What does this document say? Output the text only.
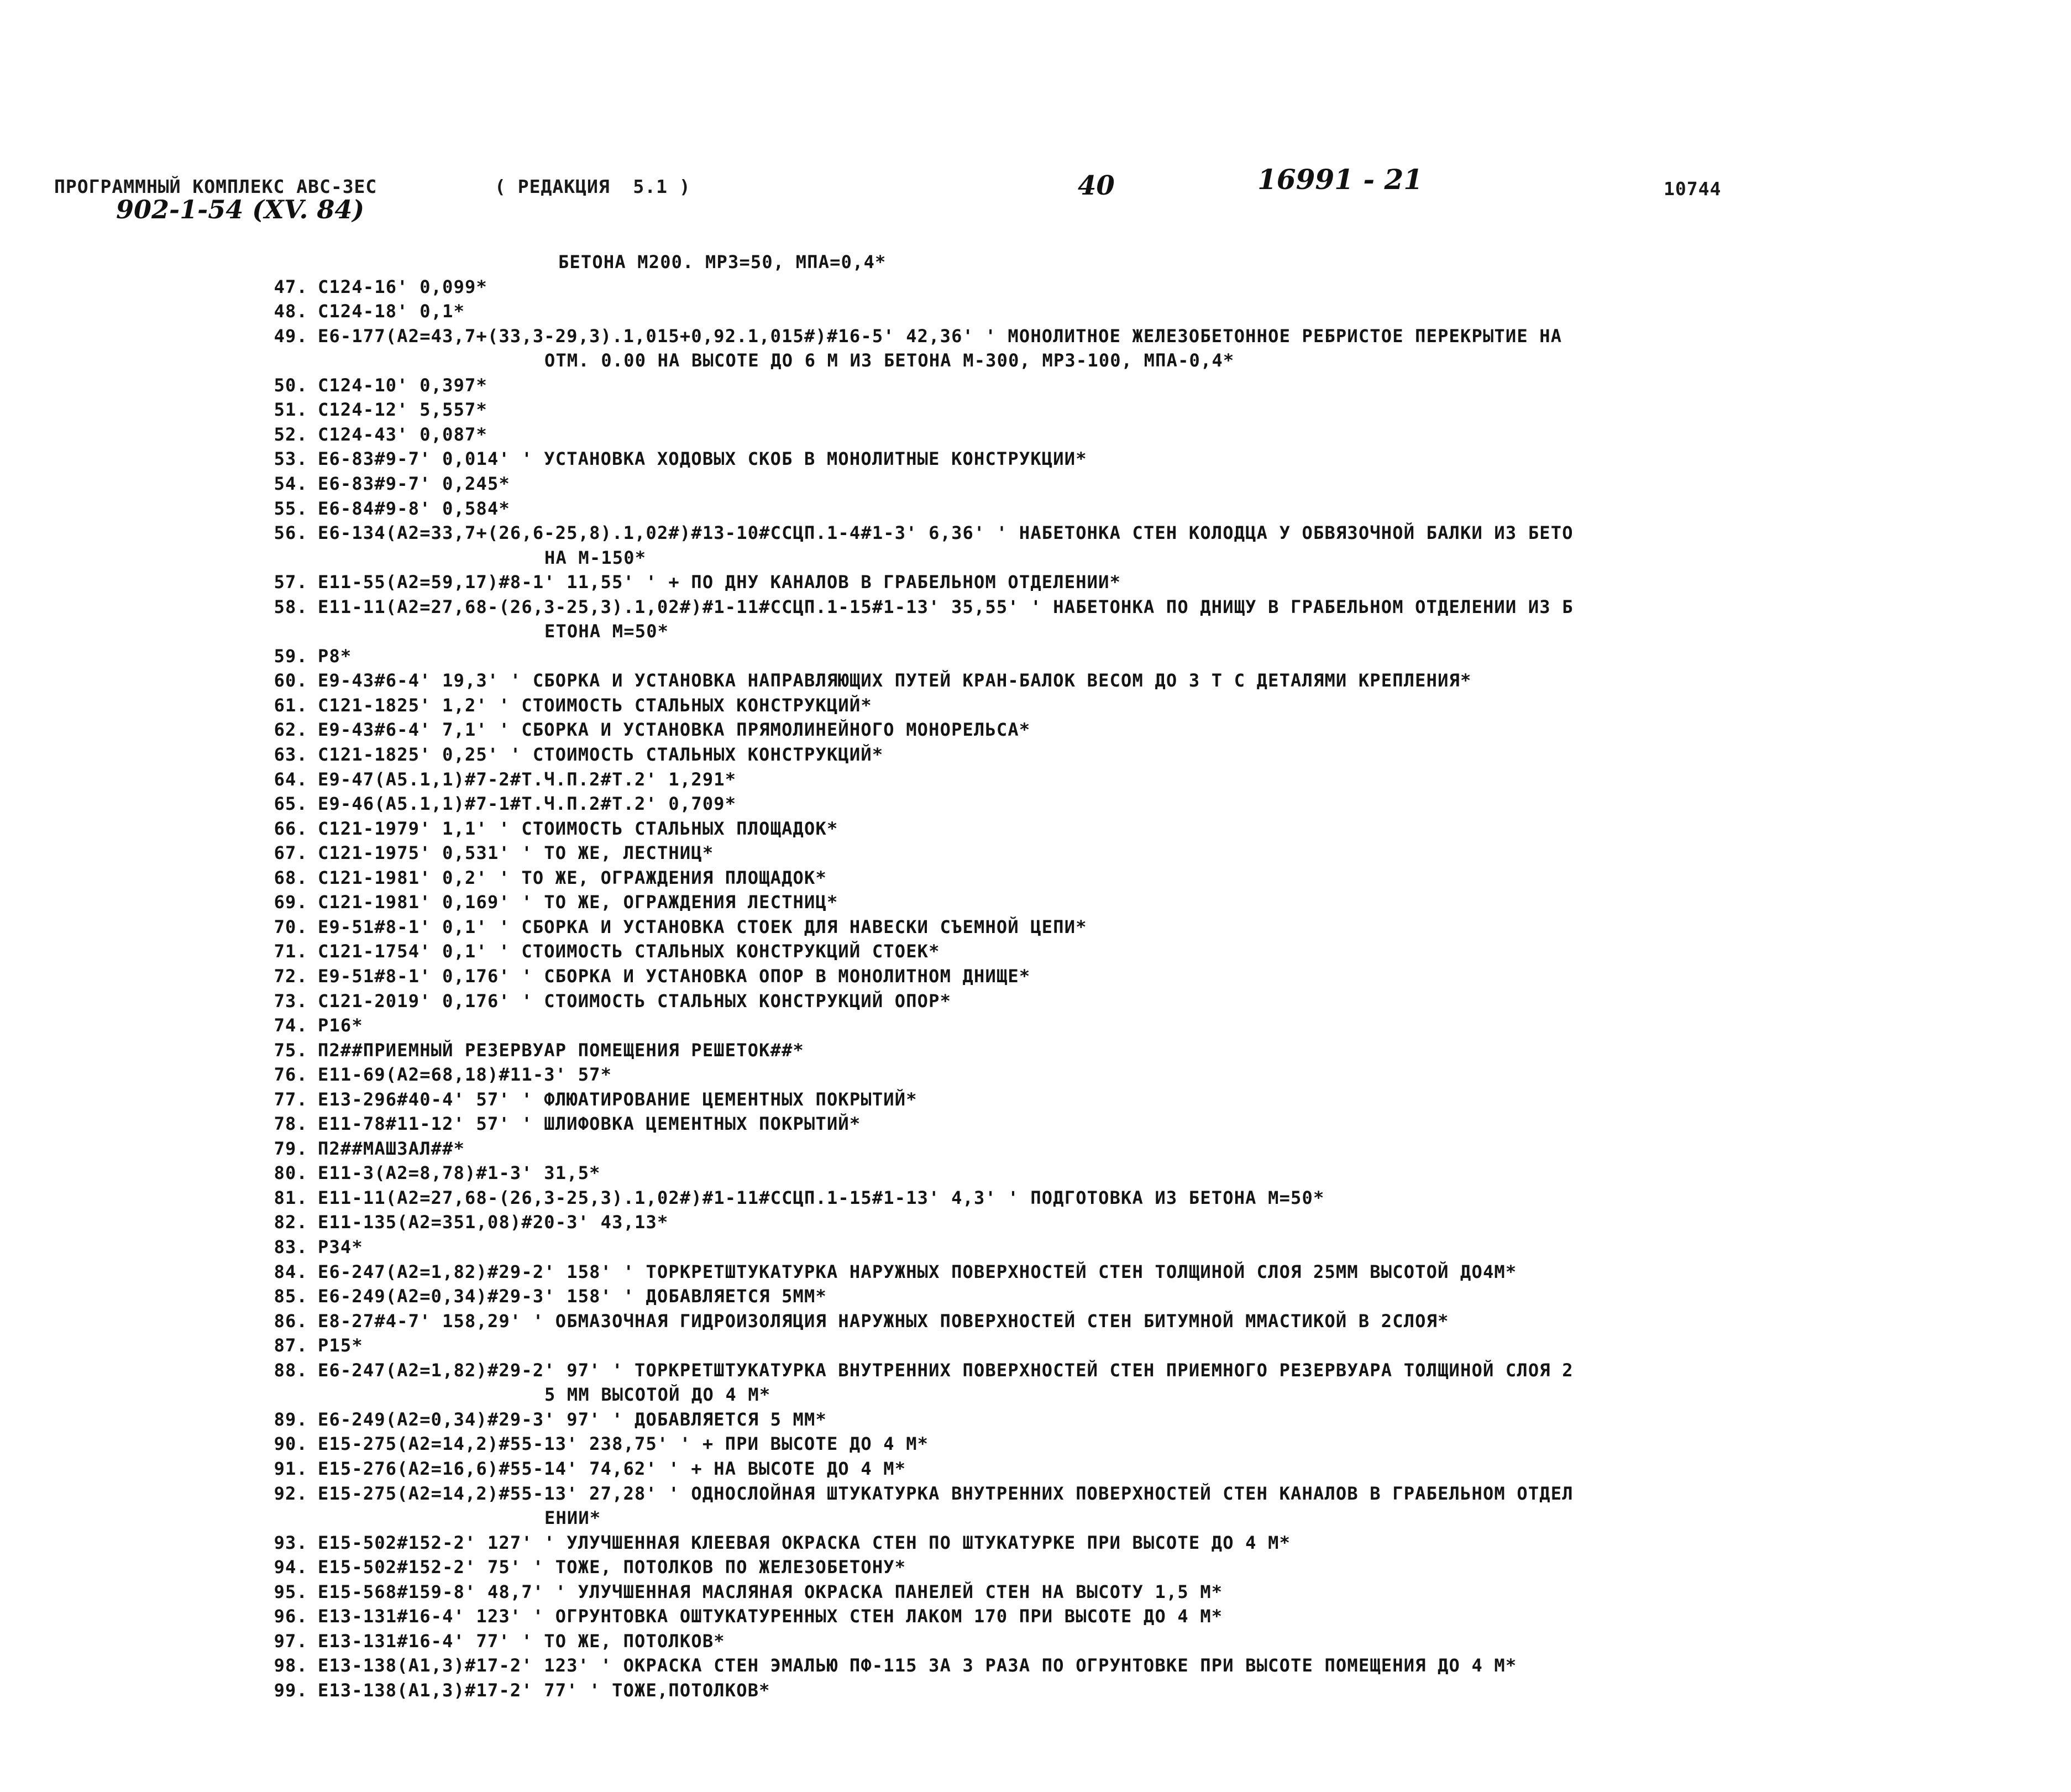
ПРОГРАММНЫЙ КОМПЛЕКС АВС-3ЕС	( РЕДАКЦИЯ  5.1 )	40	16991 - 21	10744
902-1-54 (XV. 84)
БЕТОНА М200. МРЗ=50, МПА=0,4*
47. С124-16' 0,099*
48. С124-18' 0,1*
49. Е6-177(А2=43,7+(33,3-29,3).1,015+0,92.1,015#)#16-5' 42,36' ' МОНОЛИТНОЕ ЖЕЛЕЗОБЕТОННОЕ РЕБРИСТОЕ ПЕРЕКРЫТИЕ НА
ОТМ. 0.00 НА ВЫСОТЕ ДО 6 М ИЗ БЕТОНА М-300, МРЗ-100, МПА-0,4*
50. С124-10' 0,397*
51. С124-12' 5,557*
52. С124-43' 0,087*
53. Е6-83#9-7' 0,014' ' УСТАНОВКА ХОДОВЫХ СКОБ В МОНОЛИТНЫЕ КОНСТРУКЦИИ*
54. Е6-83#9-7' 0,245*
55. Е6-84#9-8' 0,584*
56. Е6-134(А2=33,7+(26,6-25,8).1,02#)#13-10#ССЦП.1-4#1-3' 6,36' ' НАБЕТОНКА СТЕН КОЛОДЦА У ОБВЯЗОЧНОЙ БАЛКИ ИЗ БЕТО
НА М-150*
57. Е11-55(А2=59,17)#8-1' 11,55' ' + ПО ДНУ КАНАЛОВ В ГРАБЕЛЬНОМ ОТДЕЛЕНИИ*
58. Е11-11(А2=27,68-(26,3-25,3).1,02#)#1-11#ССЦП.1-15#1-13' 35,55' ' НАБЕТОНКА ПО ДНИЩУ В ГРАБЕЛЬНОМ ОТДЕЛЕНИИ ИЗ Б
ЕТОНА М=50*
59. Р8*
60. Е9-43#6-4' 19,3' ' СБОРКА И УСТАНОВКА НАПРАВЛЯЮЩИХ ПУТЕЙ КРАН-БАЛОК ВЕСОМ ДО 3 Т С ДЕТАЛЯМИ КРЕПЛЕНИЯ*
61. С121-1825' 1,2' ' СТОИМОСТЬ СТАЛЬНЫХ КОНСТРУКЦИЙ*
62. Е9-43#6-4' 7,1' ' СБОРКА И УСТАНОВКА ПРЯМОЛИНЕЙНОГО МОНОРЕЛЬСА*
63. С121-1825' 0,25' ' СТОИМОСТЬ СТАЛЬНЫХ КОНСТРУКЦИЙ*
64. Е9-47(А5.1,1)#7-2#Т.Ч.П.2#Т.2' 1,291*
65. Е9-46(А5.1,1)#7-1#Т.Ч.П.2#Т.2' 0,709*
66. С121-1979' 1,1' ' СТОИМОСТЬ СТАЛЬНЫХ ПЛОЩАДОК*
67. С121-1975' 0,531' ' ТО ЖЕ, ЛЕСТНИЦ*
68. С121-1981' 0,2' ' ТО ЖЕ, ОГРАЖДЕНИЯ ПЛОЩАДОК*
69. С121-1981' 0,169' ' ТО ЖЕ, ОГРАЖДЕНИЯ ЛЕСТНИЦ*
70. Е9-51#8-1' 0,1' ' СБОРКА И УСТАНОВКА СТОЕК ДЛЯ НАВЕСКИ СЪЕМНОЙ ЦЕПИ*
71. С121-1754' 0,1' ' СТОИМОСТЬ СТАЛЬНЫХ КОНСТРУКЦИЙ СТОЕК*
72. Е9-51#8-1' 0,176' ' СБОРКА И УСТАНОВКА ОПОР В МОНОЛИТНОМ ДНИЩЕ*
73. С121-2019' 0,176' ' СТОИМОСТЬ СТАЛЬНЫХ КОНСТРУКЦИЙ ОПОР*
74. Р16*
75. П2##ПРИЕМНЫЙ РЕЗЕРВУАР ПОМЕЩЕНИЯ РЕШЕТОК##*
76. Е11-69(А2=68,18)#11-3' 57*
77. Е13-296#40-4' 57' ' ФЛЮАТИРОВАНИЕ ЦЕМЕНТНЫХ ПОКРЫТИЙ*
78. Е11-78#11-12' 57' ' ШЛИФОВКА ЦЕМЕНТНЫХ ПОКРЫТИЙ*
79. П2##МАШЗАЛ##*
80. Е11-3(А2=8,78)#1-3' 31,5*
81. Е11-11(А2=27,68-(26,3-25,3).1,02#)#1-11#ССЦП.1-15#1-13' 4,3' ' ПОДГОТОВКА ИЗ БЕТОНА М=50*
82. Е11-135(А2=351,08)#20-3' 43,13*
83. Р34*
84. Е6-247(А2=1,82)#29-2' 158' ' ТОРКРЕТШТУКАТУРКА НАРУЖНЫХ ПОВЕРХНОСТЕЙ СТЕН ТОЛЩИНОЙ СЛОЯ 25ММ ВЫСОТОЙ ДО4М*
85. Е6-249(А2=0,34)#29-3' 158' ' ДОБАВЛЯЕТСЯ 5ММ*
86. Е8-27#4-7' 158,29' ' ОБМАЗОЧНАЯ ГИДРОИЗОЛЯЦИЯ НАРУЖНЫХ ПОВЕРХНОСТЕЙ СТЕН БИТУМНОЙ ММАСТИКОЙ В 2СЛОЯ*
87. Р15*
88. Е6-247(А2=1,82)#29-2' 97' ' ТОРКРЕТШТУКАТУРКА ВНУТРЕННИХ ПОВЕРХНОСТЕЙ СТЕН ПРИЕМНОГО РЕЗЕРВУАРА ТОЛЩИНОЙ СЛОЯ 2
5 ММ ВЫСОТОЙ ДО 4 М*
89. Е6-249(А2=0,34)#29-3' 97' ' ДОБАВЛЯЕТСЯ 5 ММ*
90. Е15-275(А2=14,2)#55-13' 238,75' ' + ПРИ ВЫСОТЕ ДО 4 М*
91. Е15-276(А2=16,6)#55-14' 74,62' ' + НА ВЫСОТЕ ДО 4 М*
92. Е15-275(А2=14,2)#55-13' 27,28' ' ОДНОСЛОЙНАЯ ШТУКАТУРКА ВНУТРЕННИХ ПОВЕРХНОСТЕЙ СТЕН КАНАЛОВ В ГРАБЕЛЬНОМ ОТДЕЛ
ЕНИИ*
93. Е15-502#152-2' 127' ' УЛУЧШЕННАЯ КЛЕЕВАЯ ОКРАСКА СТЕН ПО ШТУКАТУРКЕ ПРИ ВЫСОТЕ ДО 4 М*
94. Е15-502#152-2' 75' ' ТОЖЕ, ПОТОЛКОВ ПО ЖЕЛЕЗОБЕТОНУ*
95. Е15-568#159-8' 48,7' ' УЛУЧШЕННАЯ МАСЛЯНАЯ ОКРАСКА ПАНЕЛЕЙ СТЕН НА ВЫСОТУ 1,5 М*
96. Е13-131#16-4' 123' ' ОГРУНТОВКА ОШТУКАТУРЕННЫХ СТЕН ЛАКОМ 170 ПРИ ВЫСОТЕ ДО 4 М*
97. Е13-131#16-4' 77' ' ТО ЖЕ, ПОТОЛКОВ*
98. Е13-138(А1,3)#17-2' 123' ' ОКРАСКА СТЕН ЭМАЛЬЮ ПФ-115 ЗА 3 РАЗА ПО ОГРУНТОВКЕ ПРИ ВЫСОТЕ ПОМЕЩЕНИЯ ДО 4 М*
99. Е13-138(А1,3)#17-2' 77' ' ТОЖЕ,ПОТОЛКОВ*
